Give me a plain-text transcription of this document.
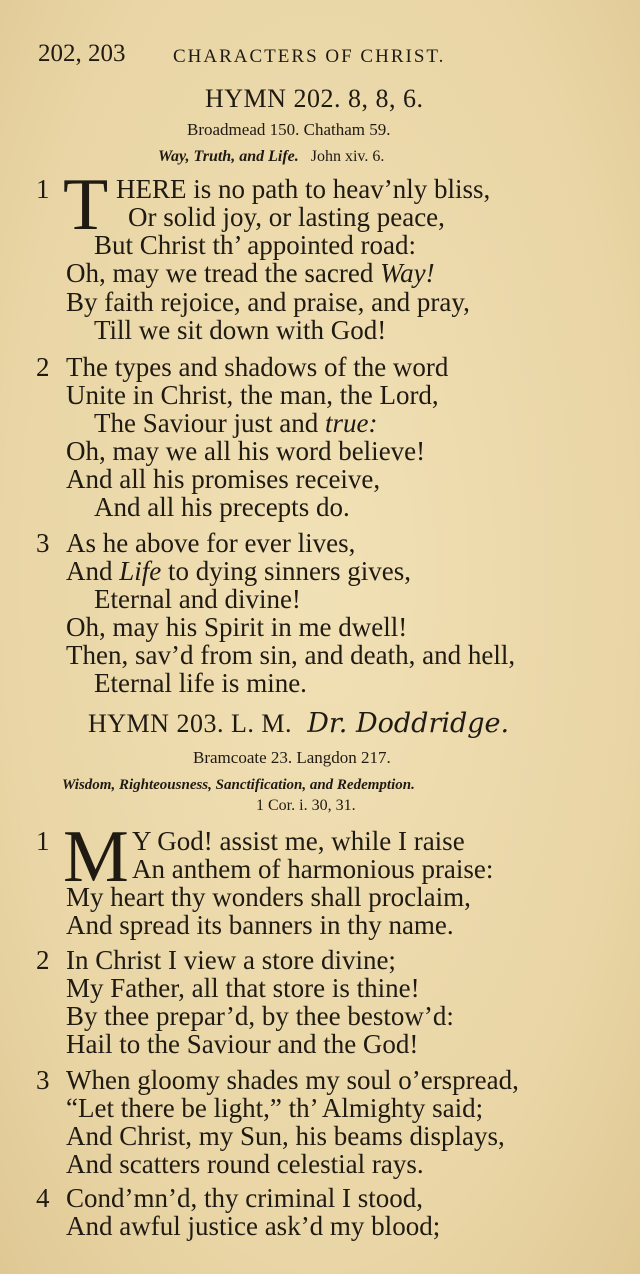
202, 203	CHARACTERS OF CHRIST.
HYMN 202. 8, 8, 6.
Broadmead 150. Chatham 59.
Way, Truth, and Life. John xiv. 6.
1 T HERE is no path to heav’nly bliss,
Or solid joy, or lasting peace,
But Christ th’ appointed road:
Oh, may we tread the sacred Way!
By faith rejoice, and praise, and pray,
Till we sit down with God!
2 The types and shadows of the word
Unite in Christ, the man, the Lord,
The Saviour just and true:
Oh, may we all his word believe!
And all his promises receive,
And all his precepts do.
3 As he above for ever lives,
And Life to dying sinners gives,
Eternal and divine!
Oh, may his Spirit in me dwell!
Then, sav’d from sin, and death, and hell,
Eternal life is mine.
HYMN 203. L. M. Dr. Doddridge.
Bramcoate 23. Langdon 217.
Wisdom, Righteousness, Sanctification, and Redemption.
1 Cor. i. 30, 31.
1 M Y God! assist me, while I raise
An anthem of harmonious praise:
My heart thy wonders shall proclaim,
And spread its banners in thy name.
2 In Christ I view a store divine;
My Father, all that store is thine!
By thee prepar’d, by thee bestow’d:
Hail to the Saviour and the God!
3 When gloomy shades my soul o’erspread,
“Let there be light,” th’ Almighty said;
And Christ, my Sun, his beams displays,
And scatters round celestial rays.
4 Cond’mn’d, thy criminal I stood,
And awful justice ask’d my blood;
